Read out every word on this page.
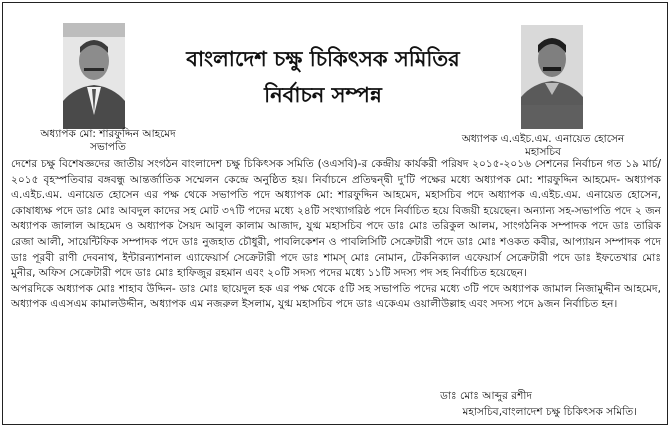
বাংলাদেশ চক্ষু চিকিৎসক সমিতির
নির্বাচন সম্পন্ন
অধ্যাপক মো: শারফুদ্দিন আহমেদ
সভাপতি
অধ্যাপক এ.এইচ.এম. এনায়েত হোসেন
মহাসচিব

দেশের চক্ষু বিশেষজ্ঞদের জাতীয় সংগঠন বাংলাদেশ চক্ষু চিকিৎসক সমিতি (ওএসবি)-র কেন্দ্রীয় কার্যকরী পরিষদ ২০১৫-২০১৬ সেশনের নির্বাচন গত ১৯ মার্চ/২০১৫ বৃহস্পতিবার বঙ্গবন্ধু আন্তর্জাতিক সম্মেলন কেন্দ্রে অনুষ্ঠিত হয়। নির্বাচনে প্রতিদ্বন্দ্বী দু'টি পক্ষের মধ্যে অধ্যাপক মো: শারফুদ্দিন আহমেদ- অধ্যাপক এ.এইচ.এম. এনায়েত হোসেন এর পক্ষ থেকে সভাপতি পদে অধ্যাপক মো: শারফুদ্দিন আহমেদ, মহাসচিব পদে অধ্যাপক এ.এইচ.এম. এনায়েত হোসেন, কোষাধ্যক্ষ পদে ডাঃ মোঃ আবদুল কাদের সহ মোট ৩৭টি পদের মধ্যে ২৪টি সংখ্যাগরিষ্ঠ পদে নির্বাচিত হয়ে বিজয়ী হয়েছেন। অন্যান্য সহ-সভাপতি পদে ২ জন অধ্যাপক জালাল আহমেদ ও অধ্যাপক সৈয়দ আবুল কালাম আজাদ, যুগ্ম মহাসচিব পদে ডাঃ মোঃ তরিকুল আলম, সাংগঠনিক সম্পাদক পদে ডাঃ তারিক রেজা আলী, সায়েন্টিফিক সম্পাদক পদে ডাঃ নুজহাত চৌধুরী, পাবলিকেশন ও পাবলিসিটি সেক্রেটারী পদে ডাঃ মোঃ শওকত কবীর, আপ্যায়ন সম্পাদক পদে ডাঃ পূরবী রাণী দেবনাথ, ইন্টারন্যাশনাল এ্যাফেয়ার্স সেক্রেটারী পদে ডাঃ শামস্ মোঃ নোমান, টেকনিক্যাল এফেয়ার্স সেক্রেটারী পদে ডাঃ ইফতেখার মোঃ মুনীর, অফিস সেক্রেটারী পদে ডাঃ মোঃ হাফিজুর রহমান এবং ২০টি সদস্য পদের মধ্যে ১১টি সদস্য পদ সহ নির্বাচিত হয়েছেন।

অপরদিকে অধ্যাপক মোঃ শাহাব উদ্দিন- ডাঃ মোঃ ছায়েদুল হক এর পক্ষ থেকে ৫টি সহ সভাপতি পদের মধ্যে ৩টি পদে অধ্যাপক জামাল নিজামুদ্দীন আহমেদ, অধ্যাপক এএসএম কামালউদ্দীন, অধ্যাপক এম নজরুল ইসলাম, যুগ্ম মহাসচিব পদে ডাঃ একেএম ওয়ালীউল্লাহ এবং সদস্য পদে ৯জন নির্বাচিত হন।

ডাঃ মোঃ আব্দুর রশীদ
মহাসচিব,বাংলাদেশ চক্ষু চিকিৎসক সমিতি।
